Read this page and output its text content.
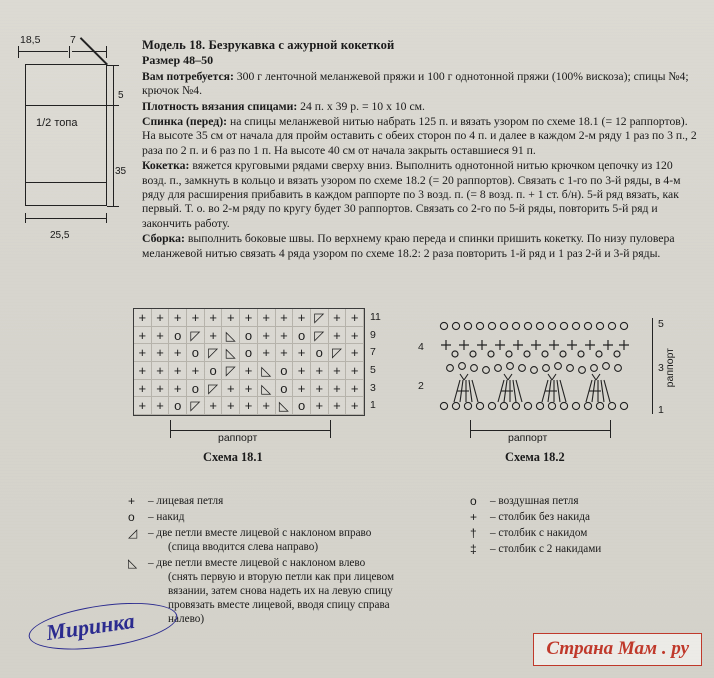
18,5	7
1/2 топа
5
35
25,5
Модель 18. Безрукавка с ажурной кокеткой
Размер 48–50

Вам потребуется: 300 г ленточной меланжевой пряжи и 100 г однотонной пряжи (100% вискоза); спицы №4; крючок №4.

Плотность вязания спицами: 24 п. х 39 р. = 10 х 10 см.

Спинка (перед): на спицы меланжевой нитью набрать 125 п. и вязать узором по схеме 18.1 (= 12 раппортов). На высоте 35 см от начала для пройм оставить с обеих сторон по 4 п. и далее в каждом 2-м ряду 1 раз по 3 п., 2 раза по 2 п. и 6 раз по 1 п. На высоте 40 см от начала закрыть оставшиеся 91 п.

Кокетка: вяжется круговыми рядами сверху вниз. Выполнить однотонной нитью крючком цепочку из 120 возд. п., замкнуть в кольцо и вязать узором по схеме 18.2 (= 20 раппортов). Связать с 1-го по 3-й ряды, в 4-м ряду для расширения прибавить в каждом раппорте по 3 возд. п. (= 8 возд. п. + 1 ст. б/н). 5-й ряд вязать, как первый. Т. о. во 2-м ряду по кругу будет 30 раппортов. Связать со 2-го по 5-й ряды, повторить 5-й ряд и закончить работу.

Сборка: выполнить боковые швы. По верхнему краю переда и спинки пришить кокетку. По низу пуловера меланжевой нитью связать 4 ряда узором по схеме 18.2: 2 раза повторить 1-й ряд и 1 раз 2-й и 3-й ряды.

+ + + + + + + + + + ◸ + +
+ + o ◸ + ◺ o + + o ◸ + +
+ + + o ◸ ◺ o + + + o ◸ +
+ + + + o ◸ + ◺ o + + + +
+ + + o ◸ + + ◺ o + + + +
+ + o ◸ + + + + ◺ o + + +
11
9
7
5
3
1
раппорт
Схема 18.1
4
2
5
3
1
раппорт
раппорт
Схема 18.2
+	– лицевая петля
o	– накид
◿ – две петли вместе лицевой с наклоном вправо
(спица вводится слева направо)
◺ – две петли вместе лицевой с наклоном влево
(снять первую и вторую петли как при лицевом вязании, затем снова надеть их на левую спицу провязать вместе лицевой, вводя спицу справа налево)
o	– воздушная петля
+	– столбик без накида
†	– столбик с накидом
‡	– столбик с 2 накидами
Миринка
Страна Мам . ру
